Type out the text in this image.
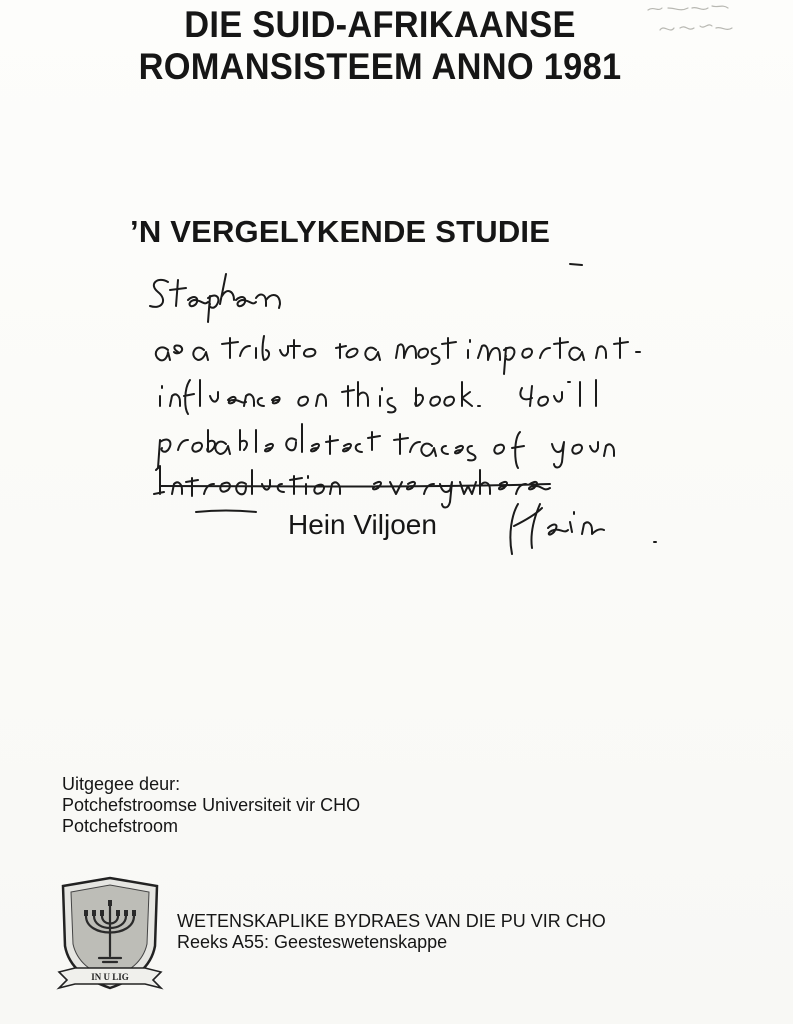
DIE SUID-AFRIKAANSE
ROMANSISTEEM ANNO 1981
’N VERGELYKENDE STUDIE
Hein Viljoen
Uitgegee deur:
Potchefstroomse Universiteit vir CHO
Potchefstroom
IN U LIG
WETENSKAPLIKE BYDRAES VAN DIE PU VIR CHO
Reeks A55: Geesteswetenskappe
